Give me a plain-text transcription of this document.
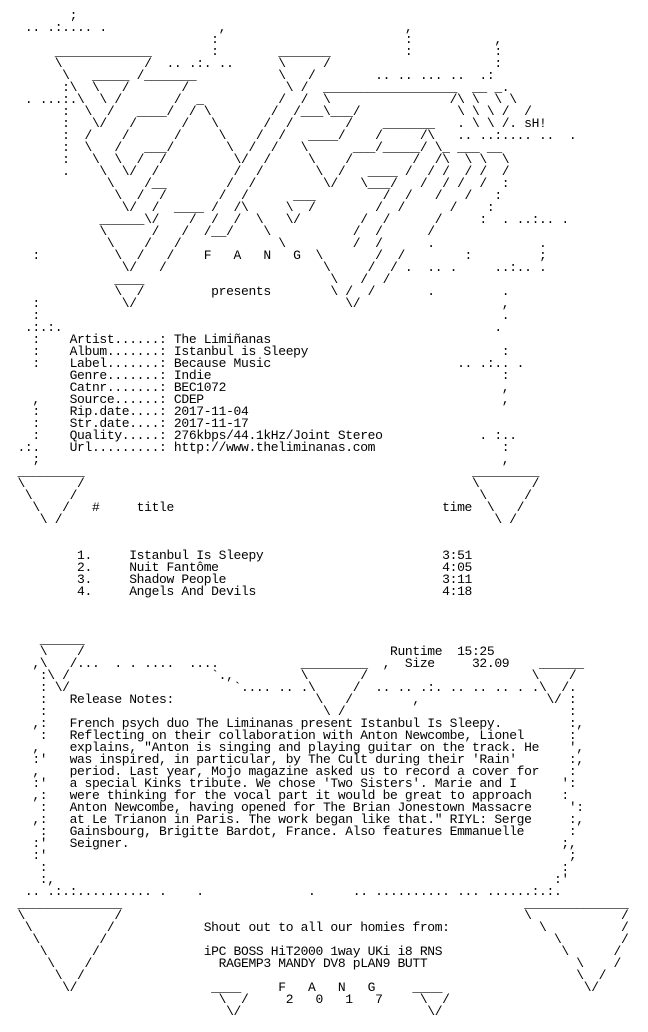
;
.. .:.... .               ,                        ,
:                         :           ,
_____________        :        _______          :           :
\           /  .. .:. ..      \     /                      :
\   _____ /_______           \   /        .. .. ... ..  .:
:\  \   /       /             \ /  __________________  __ _.
. ...:.\  \ /       /  _          /  /  \                /\ \  \ \
:  \  /   ____/  / \        /  /___\___/             \ \ \ /  /
:   \/   /      /   \      /  /       /    _______   . \ \ /. sH!
:  /    /      /     \    /  /   ____/    /     /\   .. ..:.... ..  .
:  \   /   ___/       \  /  /   \      ___/_____/ \_ ___ __
:   \  \  /  /         \/  /     \    /        /  /\  \ \  \
.    \  \/  /          /  /       \  /   ____ /  / /  / /  /
\    /__        /  /         \/   \___/   /  / /  /  :
\  /  /       /  /      ___         /  /   /   /   :
\/  /  ____ /  /\     \  /        /  /      /    :
______\/    /  /  /  \   \/        /  /      /     :  . ..:.. .
\      /   /  /__/    \           /  /      /
\    /   /             \         /  /      .              .
:          \  /   /    F   A   N   G  \       /  /        :         ;
\/   /                     \     /  / .  .. .     ..:.. .
____                         \   /  /
\  /         presents        \ /  /       .         .
:           \/                            \/                   ,
:                                                              .
.:.:.                                                          .
:    Artist......: The Limiñanas
:    Album.......: Istanbul is Sleepy                          :
:    Label.......: Because Music                         .. .:.. .
Genre.......: Indie                                       :
Catnr.......: BEC1072                                     ,
,    Source......: CDEP                                        ,
:    Rip.date....: 2017-11-04
:    Str.date....: 2017-11-17
:    Quality.....: 276kbps/44.1kHz/Joint Stereo             . :..
.:.    Url.........: http://www.theliminanas.com                 :
;                                                              ,
_________                                                    _________
\       /                                                    \       /
\     /                                                      \     /
\   /   #     title                                    time  \   /
\ /                                                          \ /
1.     Istanbul Is Sleepy                        3:51
2.     Nuit Fantôme                              4:05
3.     Shadow People                             3:11
4.     Angels And Devils                         4:18
______
\    /                                         Runtime  15:25
,\   /...  . . ....  ....           _________  ,  Size     32.09    ______
:\ /                   `.,         \       /                      \    /
: \/                      `.... .. .\     /  .. .. .:. .. .. .. . .\  /.
:   Release Notes:                   \   /        ,                 \/ :
:                                     \ /                              :
,:   French psych duo The Liminanas present Istanbul Is Sleepy.         :,
:   Reflecting on their collaboration with Anton Newcombe, Lionel      :
,    explains, "Anton is singing and playing guitar on the track. He    ',
:'   was inspired, in particular, by The Cult during their 'Rain'       :,
,    period. Last year, Mojo magazine asked us to record a cover for    :
:'   a special Kinks tribute. We chose 'Two Sisters'. Marie and I      ':
,:   were thinking for the vocal part it would be great to approach    :
:   Anton Newcombe, having opened for The Brian Jonestown Massacre     ':
,:   at Le Trianon in Paris. The work began like that." RIYL: Serge     :,
:   Gainsbourg, Brigitte Bardot, France. Also features Emmanuelle      :
:'   Seigner.                                                          ;,
:'                                                                      ;
:                                                                     :
:,                                                                   :'
.. .:.:.......... .    .              .     .. .......... ... ......:.:.
______________                                                      ______________
\            /                                                      \            /
\          /            Shout out to all our homies from:            \          /
\        /                                                            \        /
\      /              iPC BOSS HiT2000 1way UKi i8 RNS                \      /
\    /                 RAGEMP3 MANDY DV8 pLAN9 BUTT                    \    /
\  /                                                                  \  /
\/                  ____     F   A   N   G     ____                   \/
\  /     2   0   1   7     \  /
\/                         \/
